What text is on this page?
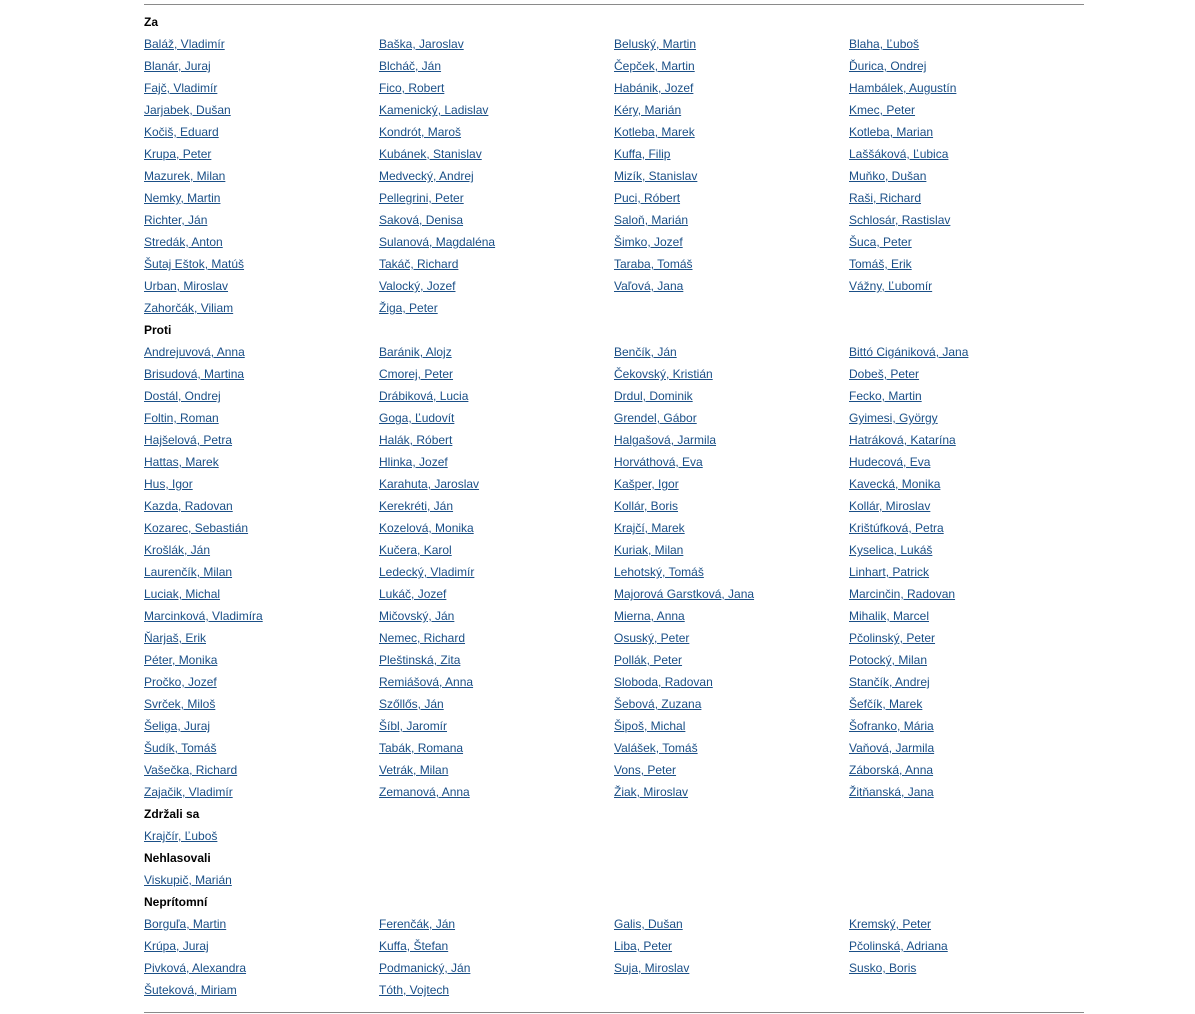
Za
Baláž, Vladimír	Baška, Jaroslav	Beluský, Martin	Blaha, Ľuboš
Blanár, Juraj	Blcháč, Ján	Čepček, Martin	Ďurica, Ondrej
Fajč, Vladimír	Fico, Robert	Habánik, Jozef	Hambálek, Augustín
Jarjabek, Dušan	Kamenický, Ladislav	Kéry, Marián	Kmec, Peter
Kočiš, Eduard	Kondrót, Maroš	Kotleba, Marek	Kotleba, Marian
Krupa, Peter	Kubánek, Stanislav	Kuffa, Filip	Laššáková, Ľubica
Mazurek, Milan	Medvecký, Andrej	Mizík, Stanislav	Muňko, Dušan
Nemky, Martin	Pellegrini, Peter	Puci, Róbert	Raši, Richard
Richter, Ján	Saková, Denisa	Saloň, Marián	Schlosár, Rastislav
Stredák, Anton	Sulanová, Magdaléna	Šimko, Jozef	Šuca, Peter
Šutaj Eštok, Matúš	Takáč, Richard	Taraba, Tomáš	Tomáš, Erik
Urban, Miroslav	Valocký, Jozef	Vaľová, Jana	Vážny, Ľubomír
Zahorčák, Viliam	Žiga, Peter
Proti
Andrejuvová, Anna	Baránik, Alojz	Benčík, Ján	Bittó Cigániková, Jana
Brisudová, Martina	Cmorej, Peter	Čekovský, Kristián	Dobeš, Peter
Dostál, Ondrej	Drábiková, Lucia	Drdul, Dominik	Fecko, Martin
Foltin, Roman	Goga, Ľudovít	Grendel, Gábor	Gyimesi, György
Hajšelová, Petra	Halák, Róbert	Halgašová, Jarmila	Hatráková, Katarína
Hattas, Marek	Hlinka, Jozef	Horváthová, Eva	Hudecová, Eva
Hus, Igor	Karahuta, Jaroslav	Kašper, Igor	Kavecká, Monika
Kazda, Radovan	Kerekréti, Ján	Kollár, Boris	Kollár, Miroslav
Kozarec, Sebastián	Kozelová, Monika	Krajčí, Marek	Krištúfková, Petra
Krošlák, Ján	Kučera, Karol	Kuriak, Milan	Kyselica, Lukáš
Laurenčík, Milan	Ledecký, Vladimír	Lehotský, Tomáš	Linhart, Patrick
Luciak, Michal	Lukáč, Jozef	Majorová Garstková, Jana	Marcinčin, Radovan
Marcinková, Vladimíra	Mičovský, Ján	Mierna, Anna	Mihalik, Marcel
Ňarjaš, Erik	Nemec, Richard	Osuský, Peter	Pčolinský, Peter
Péter, Monika	Pleštinská, Zita	Pollák, Peter	Potocký, Milan
Pročko, Jozef	Remiášová, Anna	Sloboda, Radovan	Stančík, Andrej
Svrček, Miloš	Szőllős, Ján	Šebová, Zuzana	Šefčík, Marek
Šeliga, Juraj	Šíbl, Jaromír	Šipoš, Michal	Šofranko, Mária
Šudík, Tomáš	Tabák, Romana	Valášek, Tomáš	Vaňová, Jarmila
Vašečka, Richard	Vetrák, Milan	Vons, Peter	Záborská, Anna
Zajačik, Vladimír	Zemanová, Anna	Žiak, Miroslav	Žitňanská, Jana
Zdržali sa
Krajčír, Ľuboš
Nehlasovali
Viskupič, Marián
Neprítomní
Borguľa, Martin	Ferenčák, Ján	Galis, Dušan	Kremský, Peter
Krúpa, Juraj	Kuffa, Štefan	Liba, Peter	Pčolinská, Adriana
Pivková, Alexandra	Podmanický, Ján	Suja, Miroslav	Susko, Boris
Šuteková, Miriam	Tóth, Vojtech
